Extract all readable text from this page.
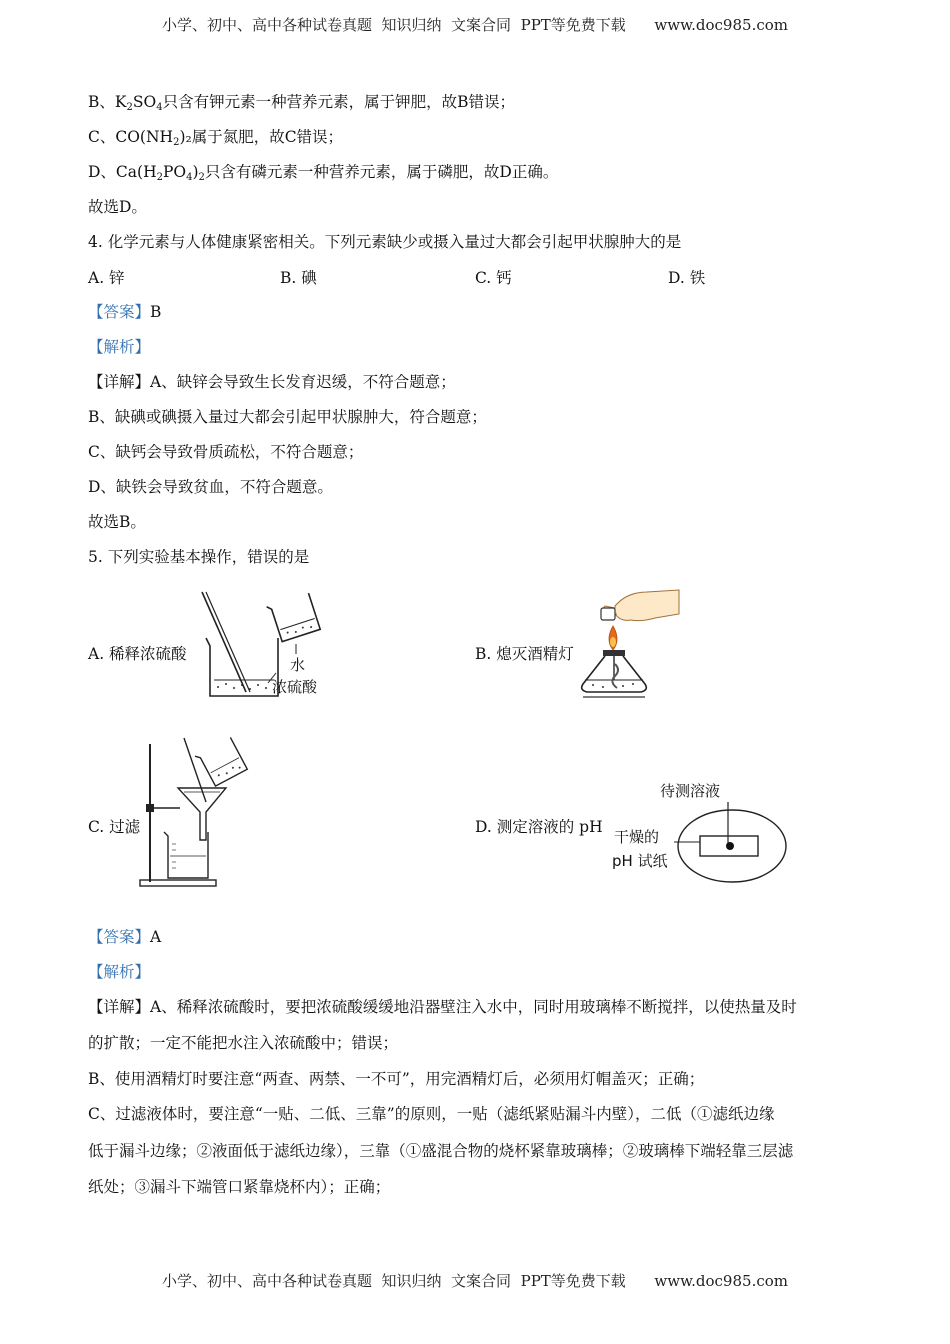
小学、初中、高中各种试卷真题  知识归纳  文案合同  PPT等免费下载      www.doc985.com
B、$K_2SO_4$只含有钾元素一种营养元素，属于钾肥，故B错误；
C、$CO(NH_2)_2$属于氮肥，故C错误；
D、$Ca(H_2PO_4)_2$只含有磷元素一种营养元素，属于磷肥，故D正确。
故选D。
4. 化学元素与人体健康紧密相关。下列元素缺少或摄入量过大都会引起甲状腺肿大的是
A. 锌	B. 碘	C. 钙	D. 铁
【答案】B
【解析】
【详解】A、缺锌会导致生长发育迟缓，不符合题意；
B、缺碘或碘摄入量过大都会引起甲状腺肿大，符合题意；
C、缺钙会导致骨质疏松，不符合题意；
D、缺铁会导致贫血，不符合题意。
故选B。
5. 下列实验基本操作，错误的是
A. 稀释浓硫酸
水
浓硫酸
B. 熄灭酒精灯
C. 过滤	D. 测定溶液的 pH
待测溶液
干燥的
pH 试纸
【答案】A
【解析】
【详解】A、稀释浓硫酸时，要把浓硫酸缓缓地沿器壁注入水中，同时用玻璃棒不断搅拌，以使热量及时
的扩散；一定不能把水注入浓硫酸中；错误；
B、使用酒精灯时要注意“两查、两禁、一不可”，用完酒精灯后，必须用灯帽盖灭；正确；
C、过滤液体时，要注意“一贴、二低、三靠”的原则，一贴（滤纸紧贴漏斗内壁），二低（①滤纸边缘
低于漏斗边缘；②液面低于滤纸边缘），三靠（①盛混合物的烧杯紧靠玻璃棒；②玻璃棒下端轻靠三层滤
纸处；③漏斗下端管口紧靠烧杯内）；正确；
小学、初中、高中各种试卷真题  知识归纳  文案合同  PPT等免费下载      www.doc985.com
